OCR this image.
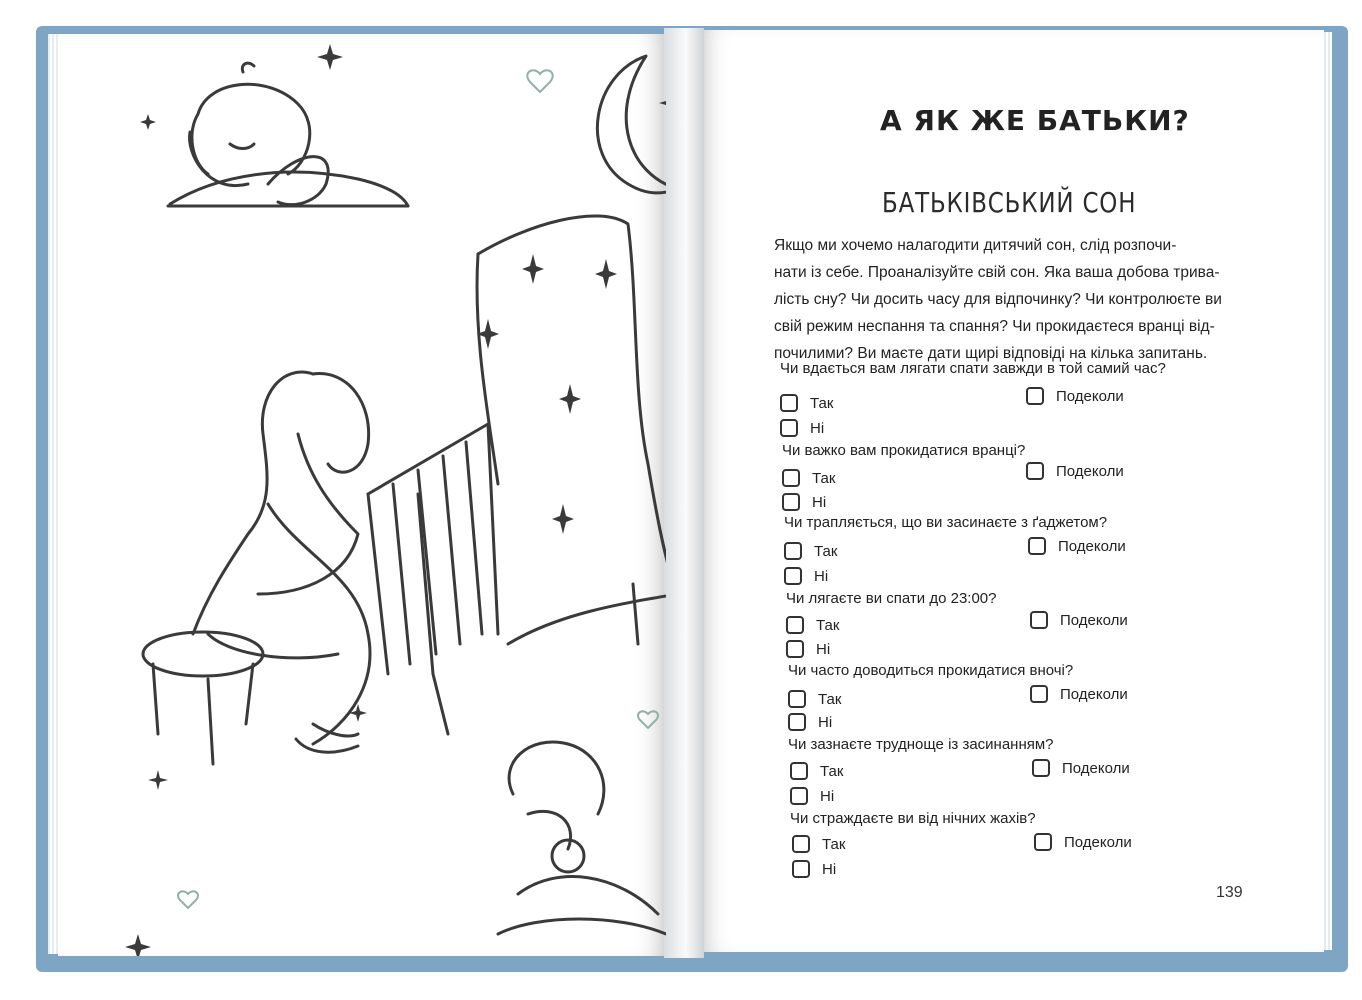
А ЯК ЖЕ БАТЬКИ?
БАТЬКІВСЬКИЙ СОН
Якщо ми хочемо налагодити дитячий сон, слід розпочи-
нати із себе. Проаналізуйте свій сон. Яка ваша добова трива-
лість сну? Чи досить часу для відпочинку? Чи контролюєте ви
свій режим неспання та спання? Чи прокидаєтеся вранці від-
почилими? Ви маєте дати щирі відповіді на кілька запитань.
Чи вдається вам лягати спати завжди в той самий час?
Так
Ні
Подеколи
Чи важко вам прокидатися вранці?
Так
Ні
Подеколи
Чи трапляється, що ви засинаєте з ґаджетом?
Так
Ні
Подеколи
Чи лягаєте ви спати до 23:00?
Так
Ні
Подеколи
Чи часто доводиться прокидатися вночі?
Так
Ні
Подеколи
Чи зазнаєте трудноще із засинанням?
Так
Ні
Подеколи
Чи страждаєте ви від нічних жахів?
Так
Ні
Подеколи
139
